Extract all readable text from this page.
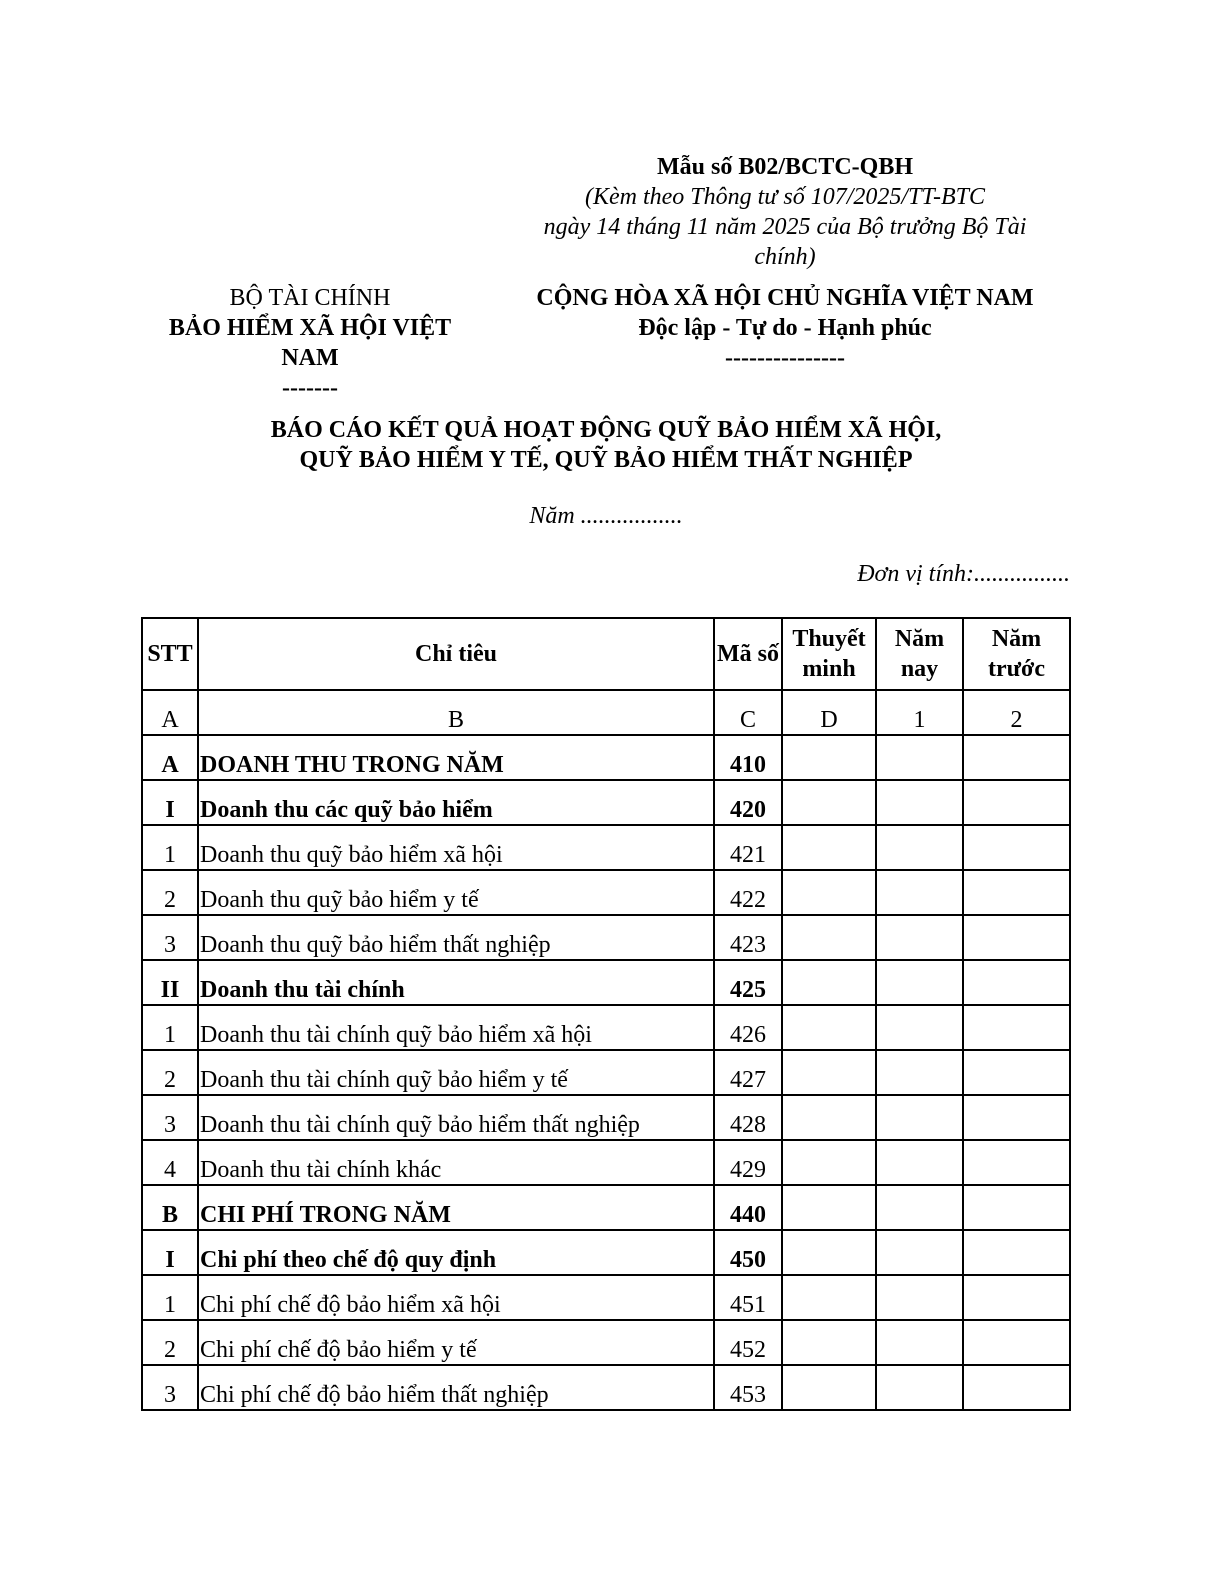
Mẫu số B02/BCTC-QBH
(Kèm theo Thông tư số 107/2025/TT-BTC
ngày 14 tháng 11 năm 2025 của Bộ trưởng Bộ Tài
chính)
BỘ TÀI CHÍNH
BẢO HIỂM XÃ HỘI VIỆT
NAM
-------
CỘNG HÒA XÃ HỘI CHỦ NGHĨA VIỆT NAM
Độc lập - Tự do - Hạnh phúc
---------------
BÁO CÁO KẾT QUẢ HOẠT ĐỘNG QUỸ BẢO HIỂM XÃ HỘI,
QUỸ BẢO HIỂM Y TẾ, QUỸ BẢO HIỂM THẤT NGHIỆP
Năm .................
Đơn vị tính:................
STT	Chỉ tiêu	Mã số	Thuyết minh	Năm nay	Năm trước
A	B	C	D	1	2
A	DOANH THU TRONG NĂM	410			
I	Doanh thu các quỹ bảo hiểm	420			
1	Doanh thu quỹ bảo hiểm xã hội	421			
2	Doanh thu quỹ bảo hiểm y tế	422			
3	Doanh thu quỹ bảo hiểm thất nghiệp	423			
II	Doanh thu tài chính	425			
1	Doanh thu tài chính quỹ bảo hiểm xã hội	426			
2	Doanh thu tài chính quỹ bảo hiểm y tế	427			
3	Doanh thu tài chính quỹ bảo hiểm thất nghiệp	428			
4	Doanh thu tài chính khác	429			
B	CHI PHÍ TRONG NĂM	440			
I	Chi phí theo chế độ quy định	450			
1	Chi phí chế độ bảo hiểm xã hội	451			
2	Chi phí chế độ bảo hiểm y tế	452			
3	Chi phí chế độ bảo hiểm thất nghiệp	453			
